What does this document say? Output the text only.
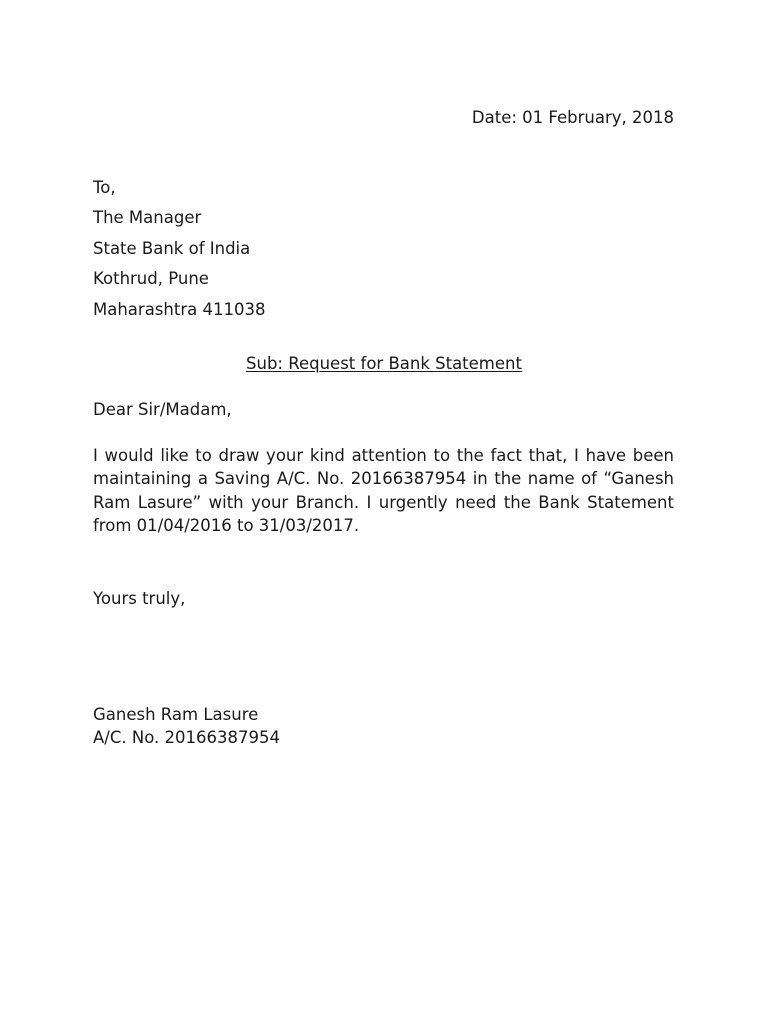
Date: 01 February, 2018
To,
The Manager
State Bank of India
Kothrud, Pune
Maharashtra 411038
Sub: Request for Bank Statement
Dear Sir/Madam,
I would like to draw your kind attention to the fact that, I have been maintaining a Saving A/C. No. 20166387954 in the name of “Ganesh Ram Lasure” with your Branch. I urgently need the Bank Statement from 01/04/2016 to 31/03/2017.
Yours truly,
Ganesh Ram Lasure
A/C. No. 20166387954
